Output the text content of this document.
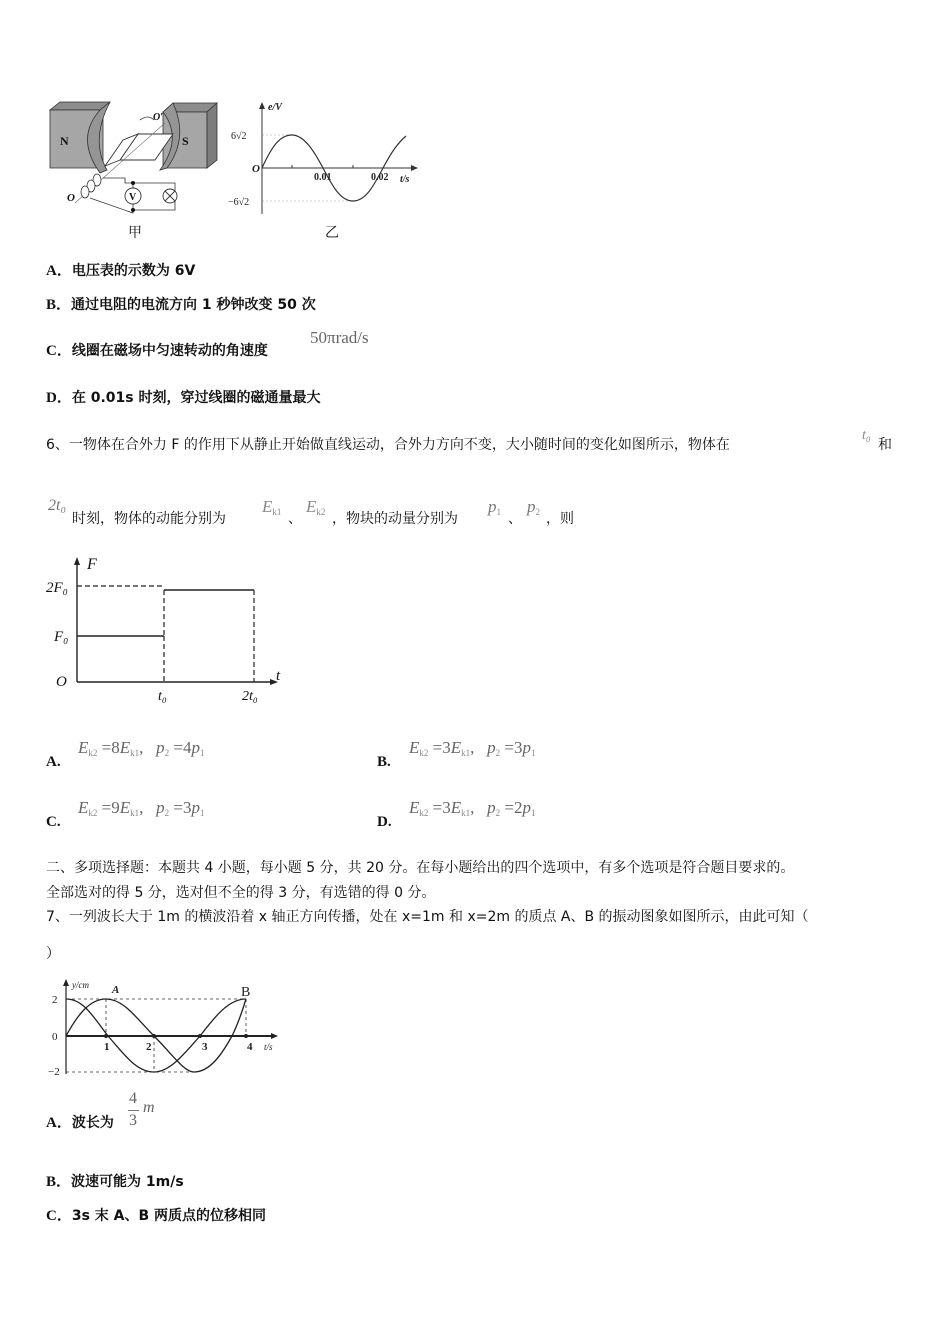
N	S
O′
O	V
甲
e/V
6√2
−6√2
O
0.01	0.02 t/s
乙
A．电压表的示数为 6V
B．通过电阻的电流方向 1 秒钟改变 50 次
C．线圈在磁场中匀速转动的角速度
50πrad/s
D．在 0.01s 时刻，穿过线圈的磁通量最大
6、一物体在合外力 F 的作用下从静止开始做直线运动，合外力方向不变，大小随时间的变化如图所示，物体在
t₀
和
2t₀
时刻，物体的动能分别为
$E_{k1}$ 、
$E_{k2}$ ，物块的动量分别为
$p_1$ 、
$p_2$ ，则
F
2F₀
F₀
O
t₀	2t₀
t
A.
$E_{k2} =8E_{k1}$,   $p_2 =4p_1$
B.
$E_{k2} =3E_{k1}$,   $p_2 =3p_1$
C.
$E_{k2} =9E_{k1}$,   $p_2 =3p_1$
D.
$E_{k2} =3E_{k1}$,   $p_2 =2p_1$
二、多项选择题：本题共 4 小题，每小题 5 分，共 20 分。在每小题给出的四个选项中，有多个选项是符合题目要求的。
全部选对的得 5 分，选对但不全的得 3 分，有选错的得 0 分。
7、一列波长大于 1m 的横波沿着 x 轴正方向传播，处在 x=1m 和 x=2m 的质点 A、B 的振动图象如图所示，由此可知（
）
y/cm A	B
2
0
−2
1	2	3	4 t/s
A．波长为
4
3
m
B．波速可能为 1m/s
C．3s 末 A、B 两质点的位移相同
